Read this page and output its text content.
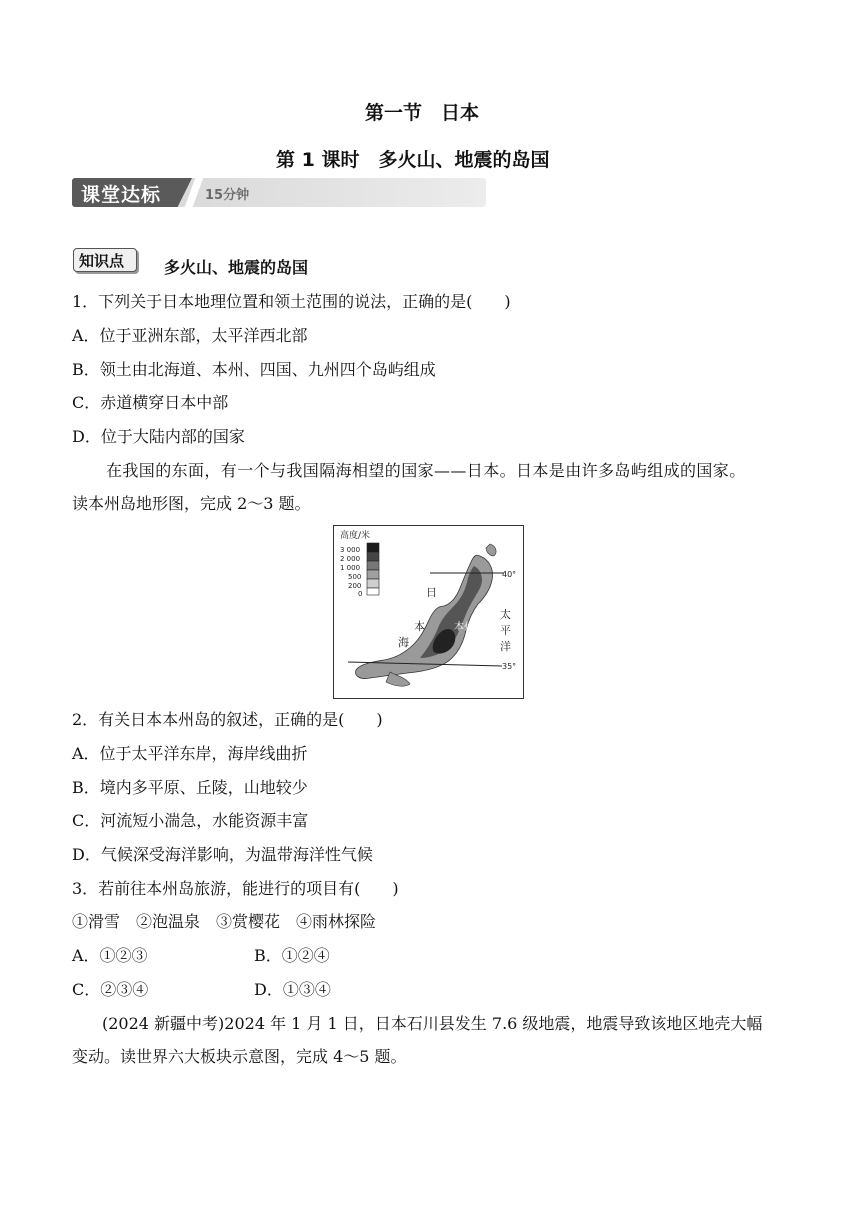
第一节　日本
第 1 课时　多火山、地震的岛国
课堂达标	15分钟
知识点 多火山、地震的岛国
1．下列关于日本地理位置和领土范围的说法，正确的是(　　)
A．位于亚洲东部，太平洋西北部
B．领土由北海道、本州、四国、九州四个岛屿组成
C．赤道横穿日本中部
D．位于大陆内部的国家
在我国的东面，有一个与我国隔海相望的国家——日本。日本是由许多岛屿组成的国家。
读本州岛地形图，完成 2～3 题。
高度/米
3 000
2 000
1 000
500
200
0
40°
35°
日
本
海
太
平
洋
本州
2．有关日本本州岛的叙述，正确的是(　　)
A．位于太平洋东岸，海岸线曲折
B．境内多平原、丘陵，山地较少
C．河流短小湍急，水能资源丰富
D．气候深受海洋影响，为温带海洋性气候
3．若前往本州岛旅游，能进行的项目有(　　)
①滑雪　②泡温泉　③赏樱花　④雨林探险
A．①②③	B．①②④
C．②③④	D．①③④
(2024 新疆中考)2024 年 1 月 1 日，日本石川县发生 7.6 级地震，地震导致该地区地壳大幅
变动。读世界六大板块示意图，完成 4～5 题。
